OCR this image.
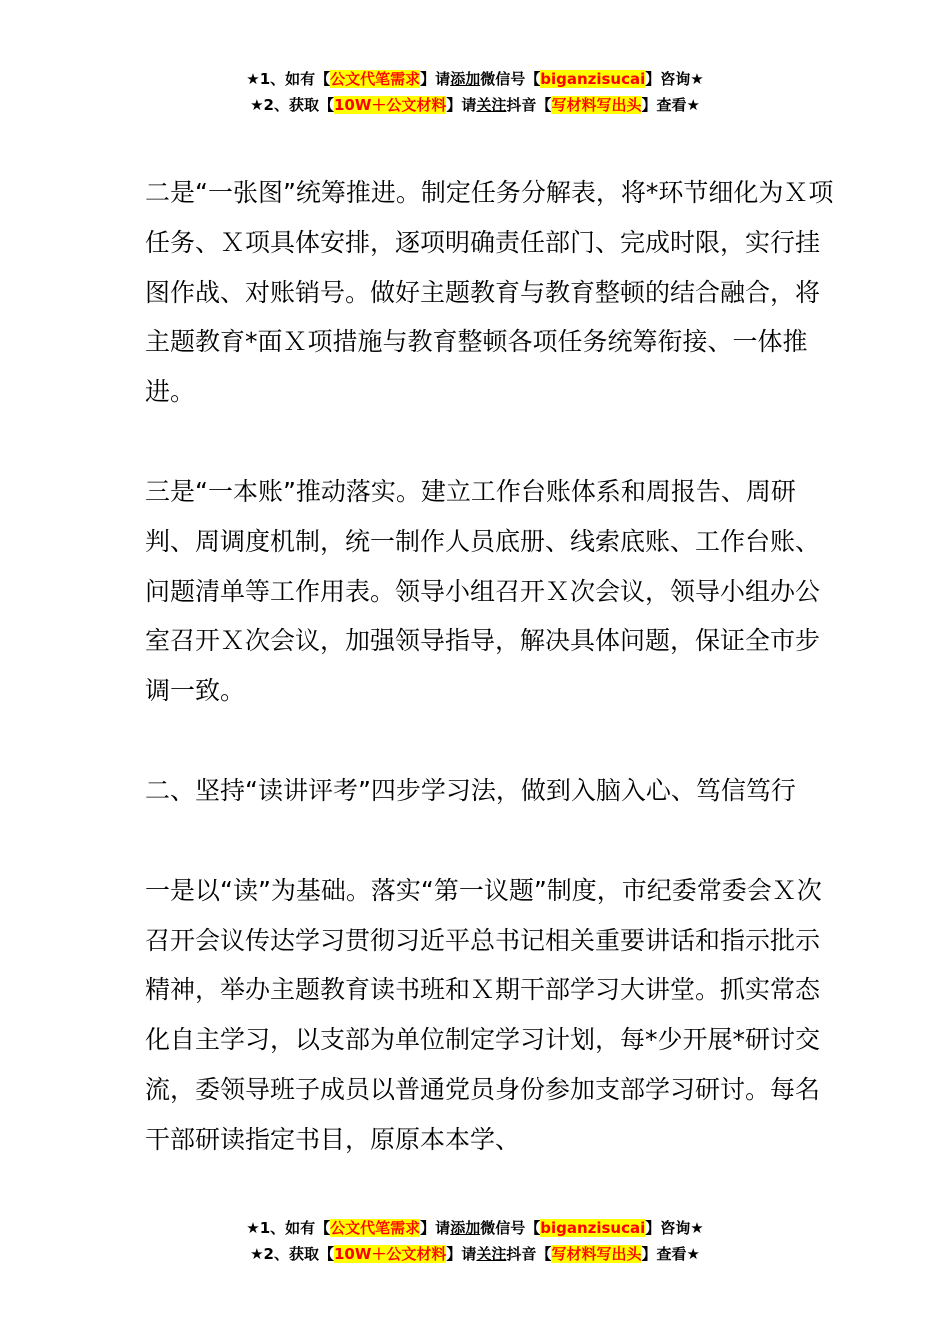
★1、如有【公文代笔需求】请添加微信号【biganzisucai】咨询★
★2、获取【10W＋公文材料】请关注抖音【写材料写出头】查看★

二是“一张图”统筹推进。制定任务分解表，将*环节细化为Ｘ项任务、Ｘ项具体安排，逐项明确责任部门、完成时限，实行挂图作战、对账销号。做好主题教育与教育整顿的结合融合，将主题教育*面Ｘ项措施与教育整顿各项任务统筹衔接、一体推进。

三是“一本账”推动落实。建立工作台账体系和周报告、周研判、周调度机制，统一制作人员底册、线索底账、工作台账、问题清单等工作用表。领导小组召开Ｘ次会议，领导小组办公室召开Ｘ次会议，加强领导指导，解决具体问题，保证全市步调一致。

二、坚持“读讲评考”四步学习法，做到入脑入心、笃信笃行

一是以“读”为基础。落实“第一议题”制度，市纪委常委会Ｘ次召开会议传达学习贯彻习近平总书记相关重要讲话和指示批示精神，举办主题教育读书班和Ｘ期干部学习大讲堂。抓实常态化自主学习，以支部为单位制定学习计划，每*少开展*研讨交流，委领导班子成员以普通党员身份参加支部学习研讨。每名干部研读指定书目，原原本本学、

★1、如有【公文代笔需求】请添加微信号【biganzisucai】咨询★
★2、获取【10W＋公文材料】请关注抖音【写材料写出头】查看★
